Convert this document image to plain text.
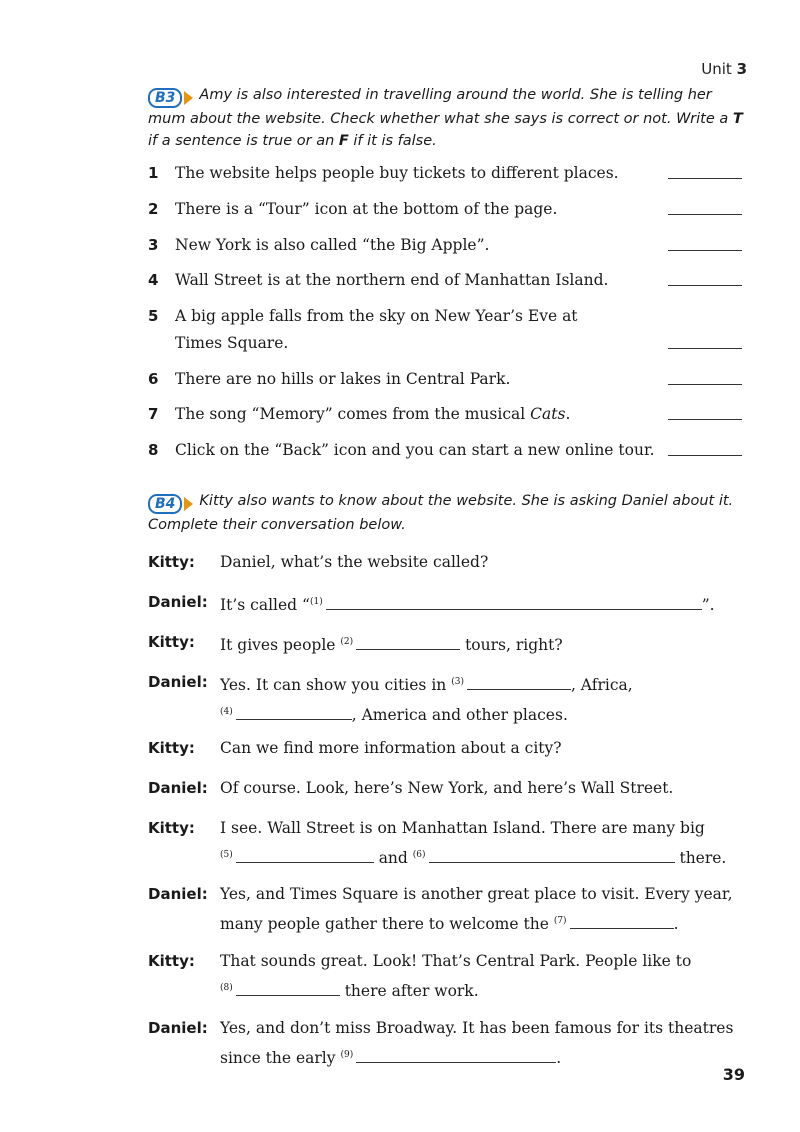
Unit 3
B3	Amy is also interested in travelling around the world. She is telling her mum about the website. Check whether what she says is correct or not. Write a T if a sentence is true or an F if it is false.
1 The website helps people buy tickets to different places.
2 There is a “Tour” icon at the bottom of the page.
3 New York is also called “the Big Apple”.
4 Wall Street is at the northern end of Manhattan Island.
5 A big apple falls from the sky on New Year’s Eve at
Times Square.
6 There are no hills or lakes in Central Park.
7 The song “Memory” comes from the musical Cats.
8 Click on the “Back” icon and you can start a new online tour.
B4	Kitty also wants to know about the website. She is asking Daniel about it. Complete their conversation below.
Kitty: Daniel, what’s the website called?
Daniel: It’s called “$^{(1)}$	”.
Kitty: It gives people $^{(2)}$	tours, right?
Daniel: Yes. It can show you cities in $^{(3)}$	, Africa,
$^{(4)}$	, America and other places.
Kitty: Can we find more information about a city?
Daniel: Of course. Look, here’s New York, and here’s Wall Street.
Kitty: I see. Wall Street is on Manhattan Island. There are many big
$^{(5)}$	and $^{(6)}$	there.
Daniel: Yes, and Times Square is another great place to visit. Every year,
many people gather there to welcome the $^{(7)}$	.
Kitty: That sounds great. Look! That’s Central Park. People like to
$^{(8)}$	there after work.
Daniel: Yes, and don’t miss Broadway. It has been famous for its theatres
since the early $^{(9)}$	.
39
